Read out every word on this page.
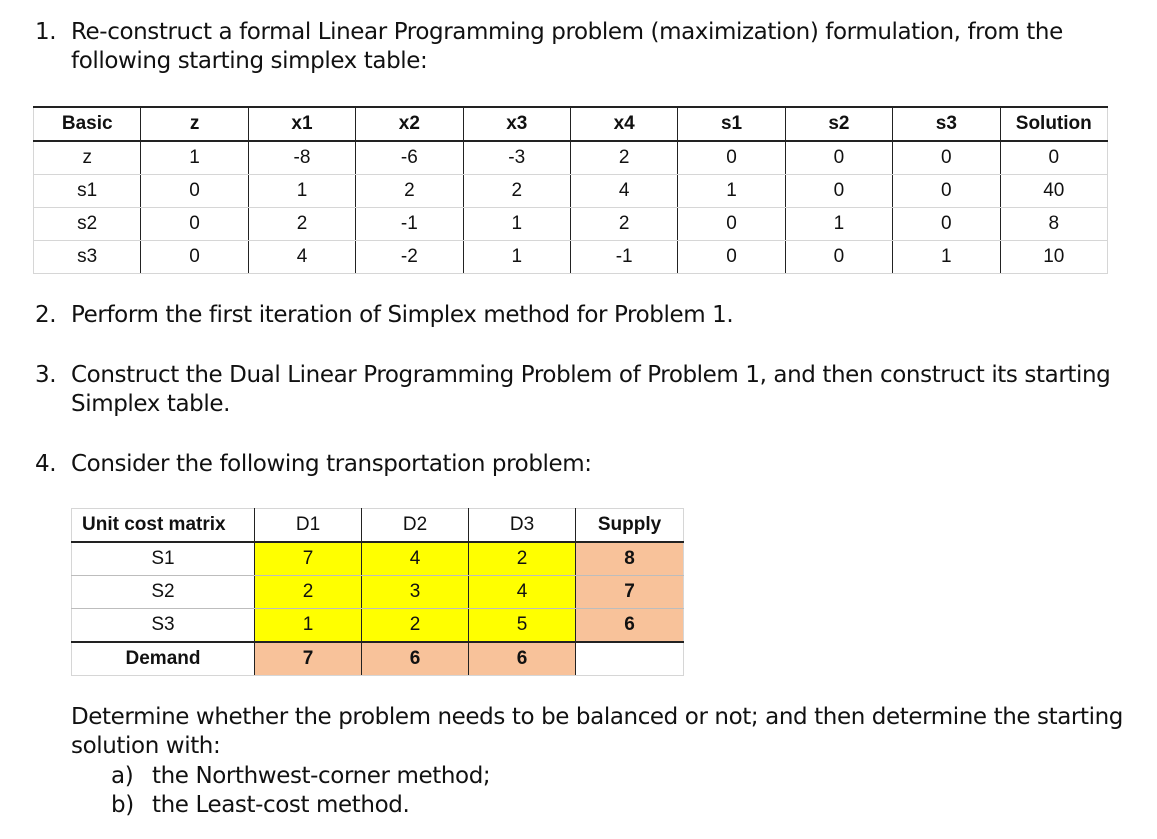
1. Re-construct a formal Linear Programming problem (maximization) formulation, from the
following starting simplex table:
Basic	z	x1	x2	x3	x4	s1	s2	s3	Solution
z	1	-8	-6	-3	2	0	0	0	0
s1	0	1	2	2	4	1	0	0	40
s2	0	2	-1	1	2	0	1	0	8
s3	0	4	-2	1	-1	0	0	1	10
2. Perform the first iteration of Simplex method for Problem 1.
3. Construct the Dual Linear Programming Problem of Problem 1, and then construct its starting
Simplex table.
4. Consider the following transportation problem:
Unit cost matrix	D1	D2	D3	Supply
S1	7	4	2	8
S2	2	3	4	7
S3	1	2	5	6
Demand	7	6	6	
Determine whether the problem needs to be balanced or not; and then determine the starting
solution with:
a) the Northwest-corner method;
b) the Least-cost method.
